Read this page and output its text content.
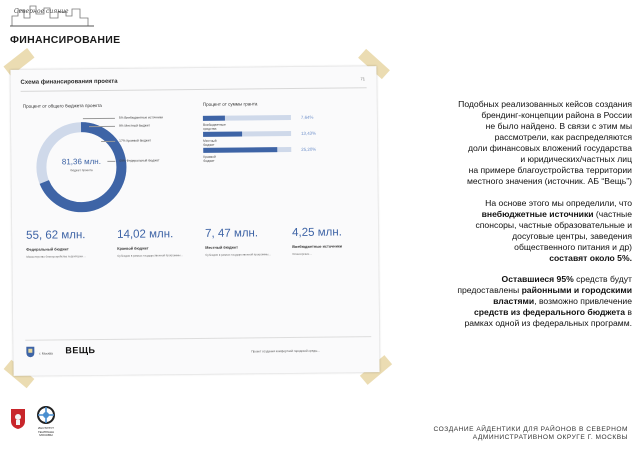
Северное сияние
ФИНАНСИРОВАНИЕ
Схема финансирования проекта
71
Процент от общего бюджета проекта	Процент от суммы гранта
81,36 млн.
бюджет проекта
5% Внебюджетные источники
9% Местный бюджет
17% Краевой бюджет
69% Федеральный бюджет
Внебюджетные средства
7,64%
Местный бюджет
13,43%
Краевой бюджет
25,20%
55, 62 млн.
Федеральный бюджет
Министерство благоустройства территории…
14,02 млн.
Краевой бюджет
Субсидия в рамках государственной программы…
7, 47 млн.
Местный бюджет
Субсидия в рамках государственной программы…
4,25 млн.
Внебюджетные источники
Спонсорские…
г. Москва ВЕЩЬ	Проект создания комфортной городской среды…
Подобных реализованных кейсов создания
брендинг-концепции района в России
не было найдено. В связи с этим мы
рассмотрели, как распределяются
доли финансовых вложений государства
и юридических/частных лиц
на примере благоустройства территории
местного значения (источник. АБ “Вещь”)
На основе этого мы определили, что
внебюджетные источники (частные
спонсоры, частные образовательные и
досуговые центры, заведения
общественного питания и др)
составят около 5%.
Оставшиеся 95% средств будут
предоставлены районными и городскими
властями, возможно привлечение
средств из федерального бюджета в
рамках одной из федеральных программ.
ИНСТИТУТ
ГЕНПЛАНА
МОСКВЫ
СОЗДАНИЕ АЙДЕНТИКИ ДЛЯ РАЙОНОВ В СЕВЕРНОМ
АДМИНИСТРАТИВНОМ ОКРУГЕ Г. МОСКВЫ
